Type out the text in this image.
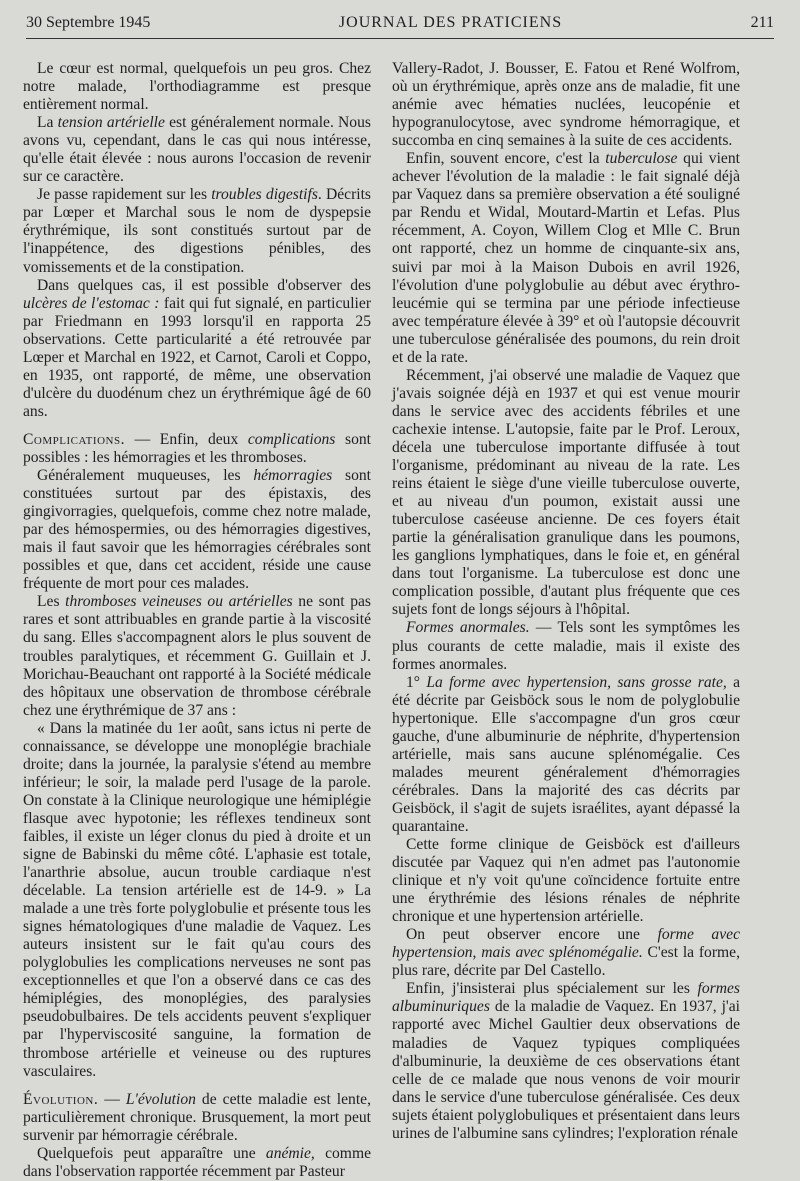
30 Septembre 1945	JOURNAL DES PRATICIENS	211

Le cœur est normal, quelquefois un peu gros. Chez notre malade, l'orthodiagramme est presque entièrement normal.

La tension artérielle est généralement normale. Nous avons vu, cependant, dans le cas qui nous intéresse, qu'elle était élevée : nous aurons l'occasion de revenir sur ce caractère.

Je passe rapidement sur les troubles digestifs. Décrits par Lœper et Marchal sous le nom de dyspepsie érythrémique, ils sont constitués surtout par de l'inappétence, des digestions pénibles, des vomissements et de la constipation.

Dans quelques cas, il est possible d'observer des ulcères de l'estomac : fait qui fut signalé, en particulier par Friedmann en 1993 lorsqu'il en rapporta 25 observations. Cette particularité a été retrouvée par Lœper et Marchal en 1922, et Carnot, Caroli et Coppo, en 1935, ont rapporté, de même, une observation d'ulcère du duodénum chez un érythrémique âgé de 60 ans.

Complications. — Enfin, deux complications sont possibles : les hémorragies et les thromboses.

Généralement muqueuses, les hémorragies sont constituées surtout par des épistaxis, des gingivorragies, quelquefois, comme chez notre malade, par des hémospermies, ou des hémorragies digestives, mais il faut savoir que les hémorragies cérébrales sont possibles et que, dans cet accident, réside une cause fréquente de mort pour ces malades.

Les thromboses veineuses ou artérielles ne sont pas rares et sont attribuables en grande partie à la viscosité du sang. Elles s'accompagnent alors le plus souvent de troubles paralytiques, et récemment G. Guillain et J. Morichau-Beauchant ont rapporté à la Société médicale des hôpitaux une observation de thrombose cérébrale chez une érythrémique de 37 ans :

« Dans la matinée du 1er août, sans ictus ni perte de connaissance, se développe une monoplégie brachiale droite; dans la journée, la paralysie s'étend au membre inférieur; le soir, la malade perd l'usage de la parole. On constate à la Clinique neurologique une hémiplégie flasque avec hypotonie; les réflexes tendineux sont faibles, il existe un léger clonus du pied à droite et un signe de Babinski du même côté. L'aphasie est totale, l'anarthrie absolue, aucun trouble cardiaque n'est décelable. La tension artérielle est de 14-9. » La malade a une très forte polyglobulie et présente tous les signes hématologiques d'une maladie de Vaquez. Les auteurs insistent sur le fait qu'au cours des polyglobulies les complications nerveuses ne sont pas exceptionnelles et que l'on a observé dans ce cas des hémiplégies, des monoplégies, des paralysies pseudobulbaires. De tels accidents peuvent s'expliquer par l'hyperviscosité sanguine, la formation de thrombose artérielle et veineuse ou des ruptures vasculaires.

Évolution. — L'évolution de cette maladie est lente, particulièrement chronique. Brusquement, la mort peut survenir par hémorragie cérébrale.

Quelquefois peut apparaître une anémie, comme dans l'observation rapportée récemment par Pasteur

Vallery-Radot, J. Bousser, E. Fatou et René Wolfrom, où un érythrémique, après onze ans de maladie, fit une anémie avec hématies nuclées, leucopénie et hypogranulocytose, avec syndrome hémorragique, et succomba en cinq semaines à la suite de ces accidents.

Enfin, souvent encore, c'est la tuberculose qui vient achever l'évolution de la maladie : le fait signalé déjà par Vaquez dans sa première observation a été souligné par Rendu et Widal, Moutard-Martin et Lefas. Plus récemment, A. Coyon, Willem Clog et Mlle C. Brun ont rapporté, chez un homme de cinquante-six ans, suivi par moi à la Maison Dubois en avril 1926, l'évolution d'une polyglobulie au début avec érythro-leucémie qui se termina par une période infectieuse avec température élevée à 39° et où l'autopsie découvrit une tuberculose généralisée des poumons, du rein droit et de la rate.

Récemment, j'ai observé une maladie de Vaquez que j'avais soignée déjà en 1937 et qui est venue mourir dans le service avec des accidents fébriles et une cachexie intense. L'autopsie, faite par le Prof. Leroux, décela une tuberculose importante diffusée à tout l'organisme, prédominant au niveau de la rate. Les reins étaient le siège d'une vieille tuberculose ouverte, et au niveau d'un poumon, existait aussi une tuberculose caséeuse ancienne. De ces foyers était partie la généralisation granulique dans les poumons, les ganglions lymphatiques, dans le foie et, en général dans tout l'organisme. La tuberculose est donc une complication possible, d'autant plus fréquente que ces sujets font de longs séjours à l'hôpital.

Formes anormales. — Tels sont les symptômes les plus courants de cette maladie, mais il existe des formes anormales.

1° La forme avec hypertension, sans grosse rate, a été décrite par Geisböck sous le nom de polyglobulie hypertonique. Elle s'accompagne d'un gros cœur gauche, d'une albuminurie de néphrite, d'hypertension artérielle, mais sans aucune splénomégalie. Ces malades meurent généralement d'hémorragies cérébrales. Dans la majorité des cas décrits par Geisböck, il s'agit de sujets israélites, ayant dépassé la quarantaine.

Cette forme clinique de Geisböck est d'ailleurs discutée par Vaquez qui n'en admet pas l'autonomie clinique et n'y voit qu'une coïncidence fortuite entre une érythrémie des lésions rénales de néphrite chronique et une hypertension artérielle.

On peut observer encore une forme avec hypertension, mais avec splénomégalie. C'est la forme, plus rare, décrite par Del Castello.

Enfin, j'insisterai plus spécialement sur les formes albuminuriques de la maladie de Vaquez. En 1937, j'ai rapporté avec Michel Gaultier deux observations de maladies de Vaquez typiques compliquées d'albuminurie, la deuxième de ces observations étant celle de ce malade que nous venons de voir mourir dans le service d'une tuberculose généralisée. Ces deux sujets étaient polyglobuliques et présentaient dans leurs urines de l'albumine sans cylindres; l'exploration rénale
